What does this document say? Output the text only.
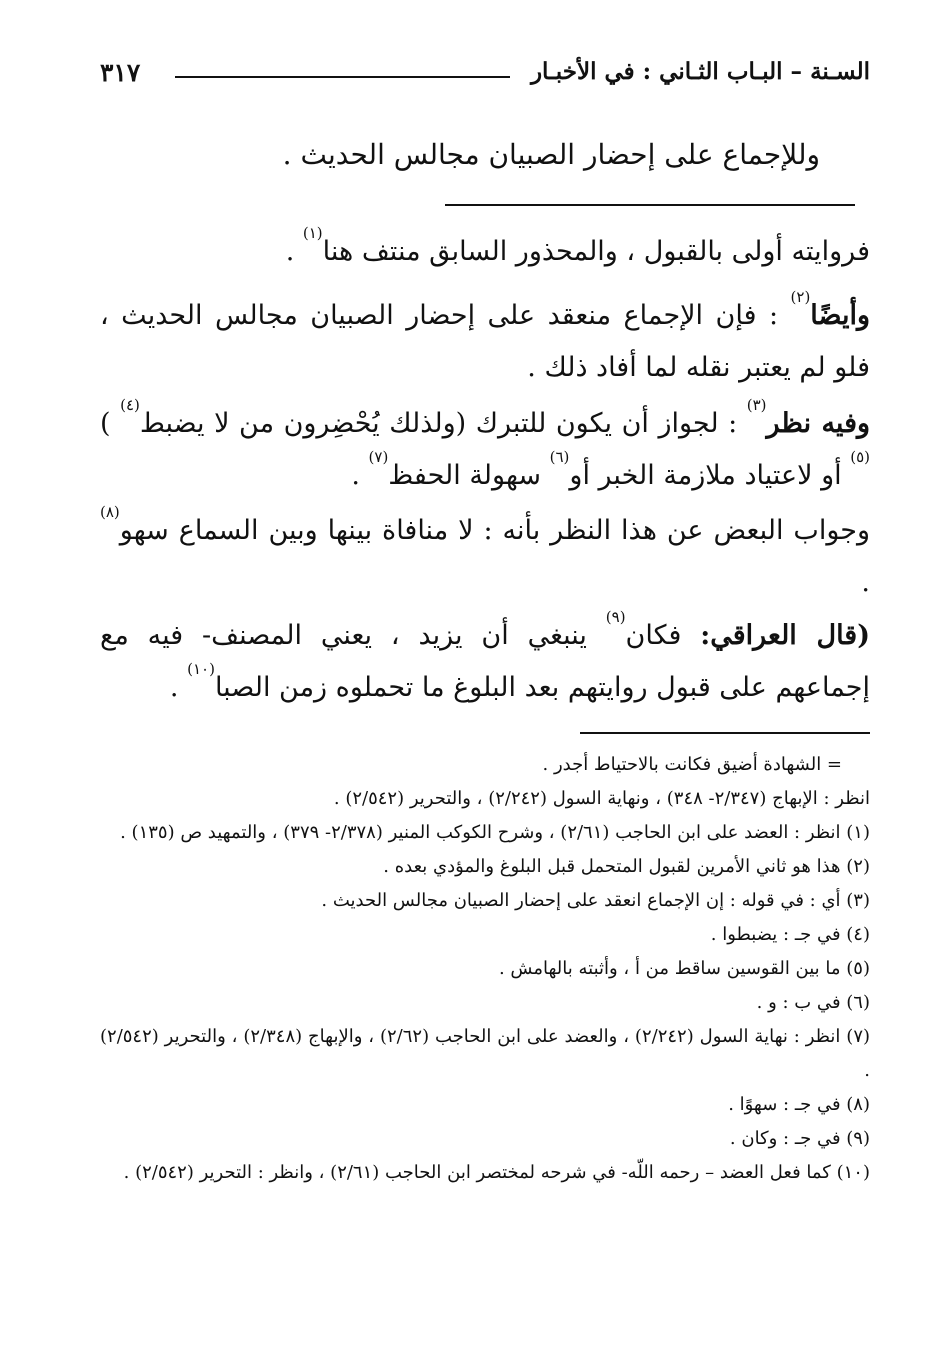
السـنة – البـاب الثـاني : في الأخبـار
٣١٧
وللإجماع على إحضار الصبيان مجالس الحديث .
فروايته أولى بالقبول ، والمحذور السابق منتف هنا$^{(١)}$ .
وأيضًا$^{(٢)}$ : فإن الإجماع منعقد على إحضار الصبيان مجالس الحديث ، فلو لم يعتبر نقله لما أفاد ذلك .
وفيه نظر$^{(٣)}$ : لجواز أن يكون للتبرك (ولذلك يُحْضِرون من لا يضبط$^{(٤)}$ )$^{(٥)}$ أو لاعتياد ملازمة الخبر أو$^{(٦)}$ سهولة الحفظ$^{(٧)}$ .
وجواب البعض عن هذا النظر بأنه : لا منافاة بينها وبين السماع سهو$^{(٨)}$ .
(قال العراقي: فكان$^{(٩)}$ ينبغي أن يزيد ، يعني المصنف- فيه مع إجماعهم على قبول روايتهم بعد البلوغ ما تحملوه زمن الصبا$^{(١٠)}$ .
= الشهادة أضيق فكانت بالاحتياط أجدر .
انظر : الإبهاج (٢/٣٤٧- ٣٤٨) ، ونهاية السول (٢/٢٤٢) ، والتحرير (٢/٥٤٢) .
(١) انظر : العضد على ابن الحاجب (٢/٦١) ، وشرح الكوكب المنير (٢/٣٧٨- ٣٧٩) ، والتمهيد ص (١٣٥) .
(٢) هذا هو ثاني الأمرين لقبول المتحمل قبل البلوغ والمؤدي بعده .
(٣) أي : في قوله : إن الإجماع انعقد على إحضار الصبيان مجالس الحديث .
(٤) في جـ : يضبطوا .
(٥) ما بين القوسين ساقط من أ ، وأثبته بالهامش .
(٦) في ب : و .
(٧) انظر : نهاية السول (٢/٢٤٢) ، والعضد على ابن الحاجب (٢/٦٢) ، والإبهاج (٢/٣٤٨) ، والتحرير (٢/٥٤٢) .
(٨) في جـ : سهوًا .
(٩) في جـ : وكان .
(١٠) كما فعل العضد – رحمه اللّه- في شرحه لمختصر ابن الحاجب (٢/٦١) ، وانظر : التحرير (٢/٥٤٢) .
